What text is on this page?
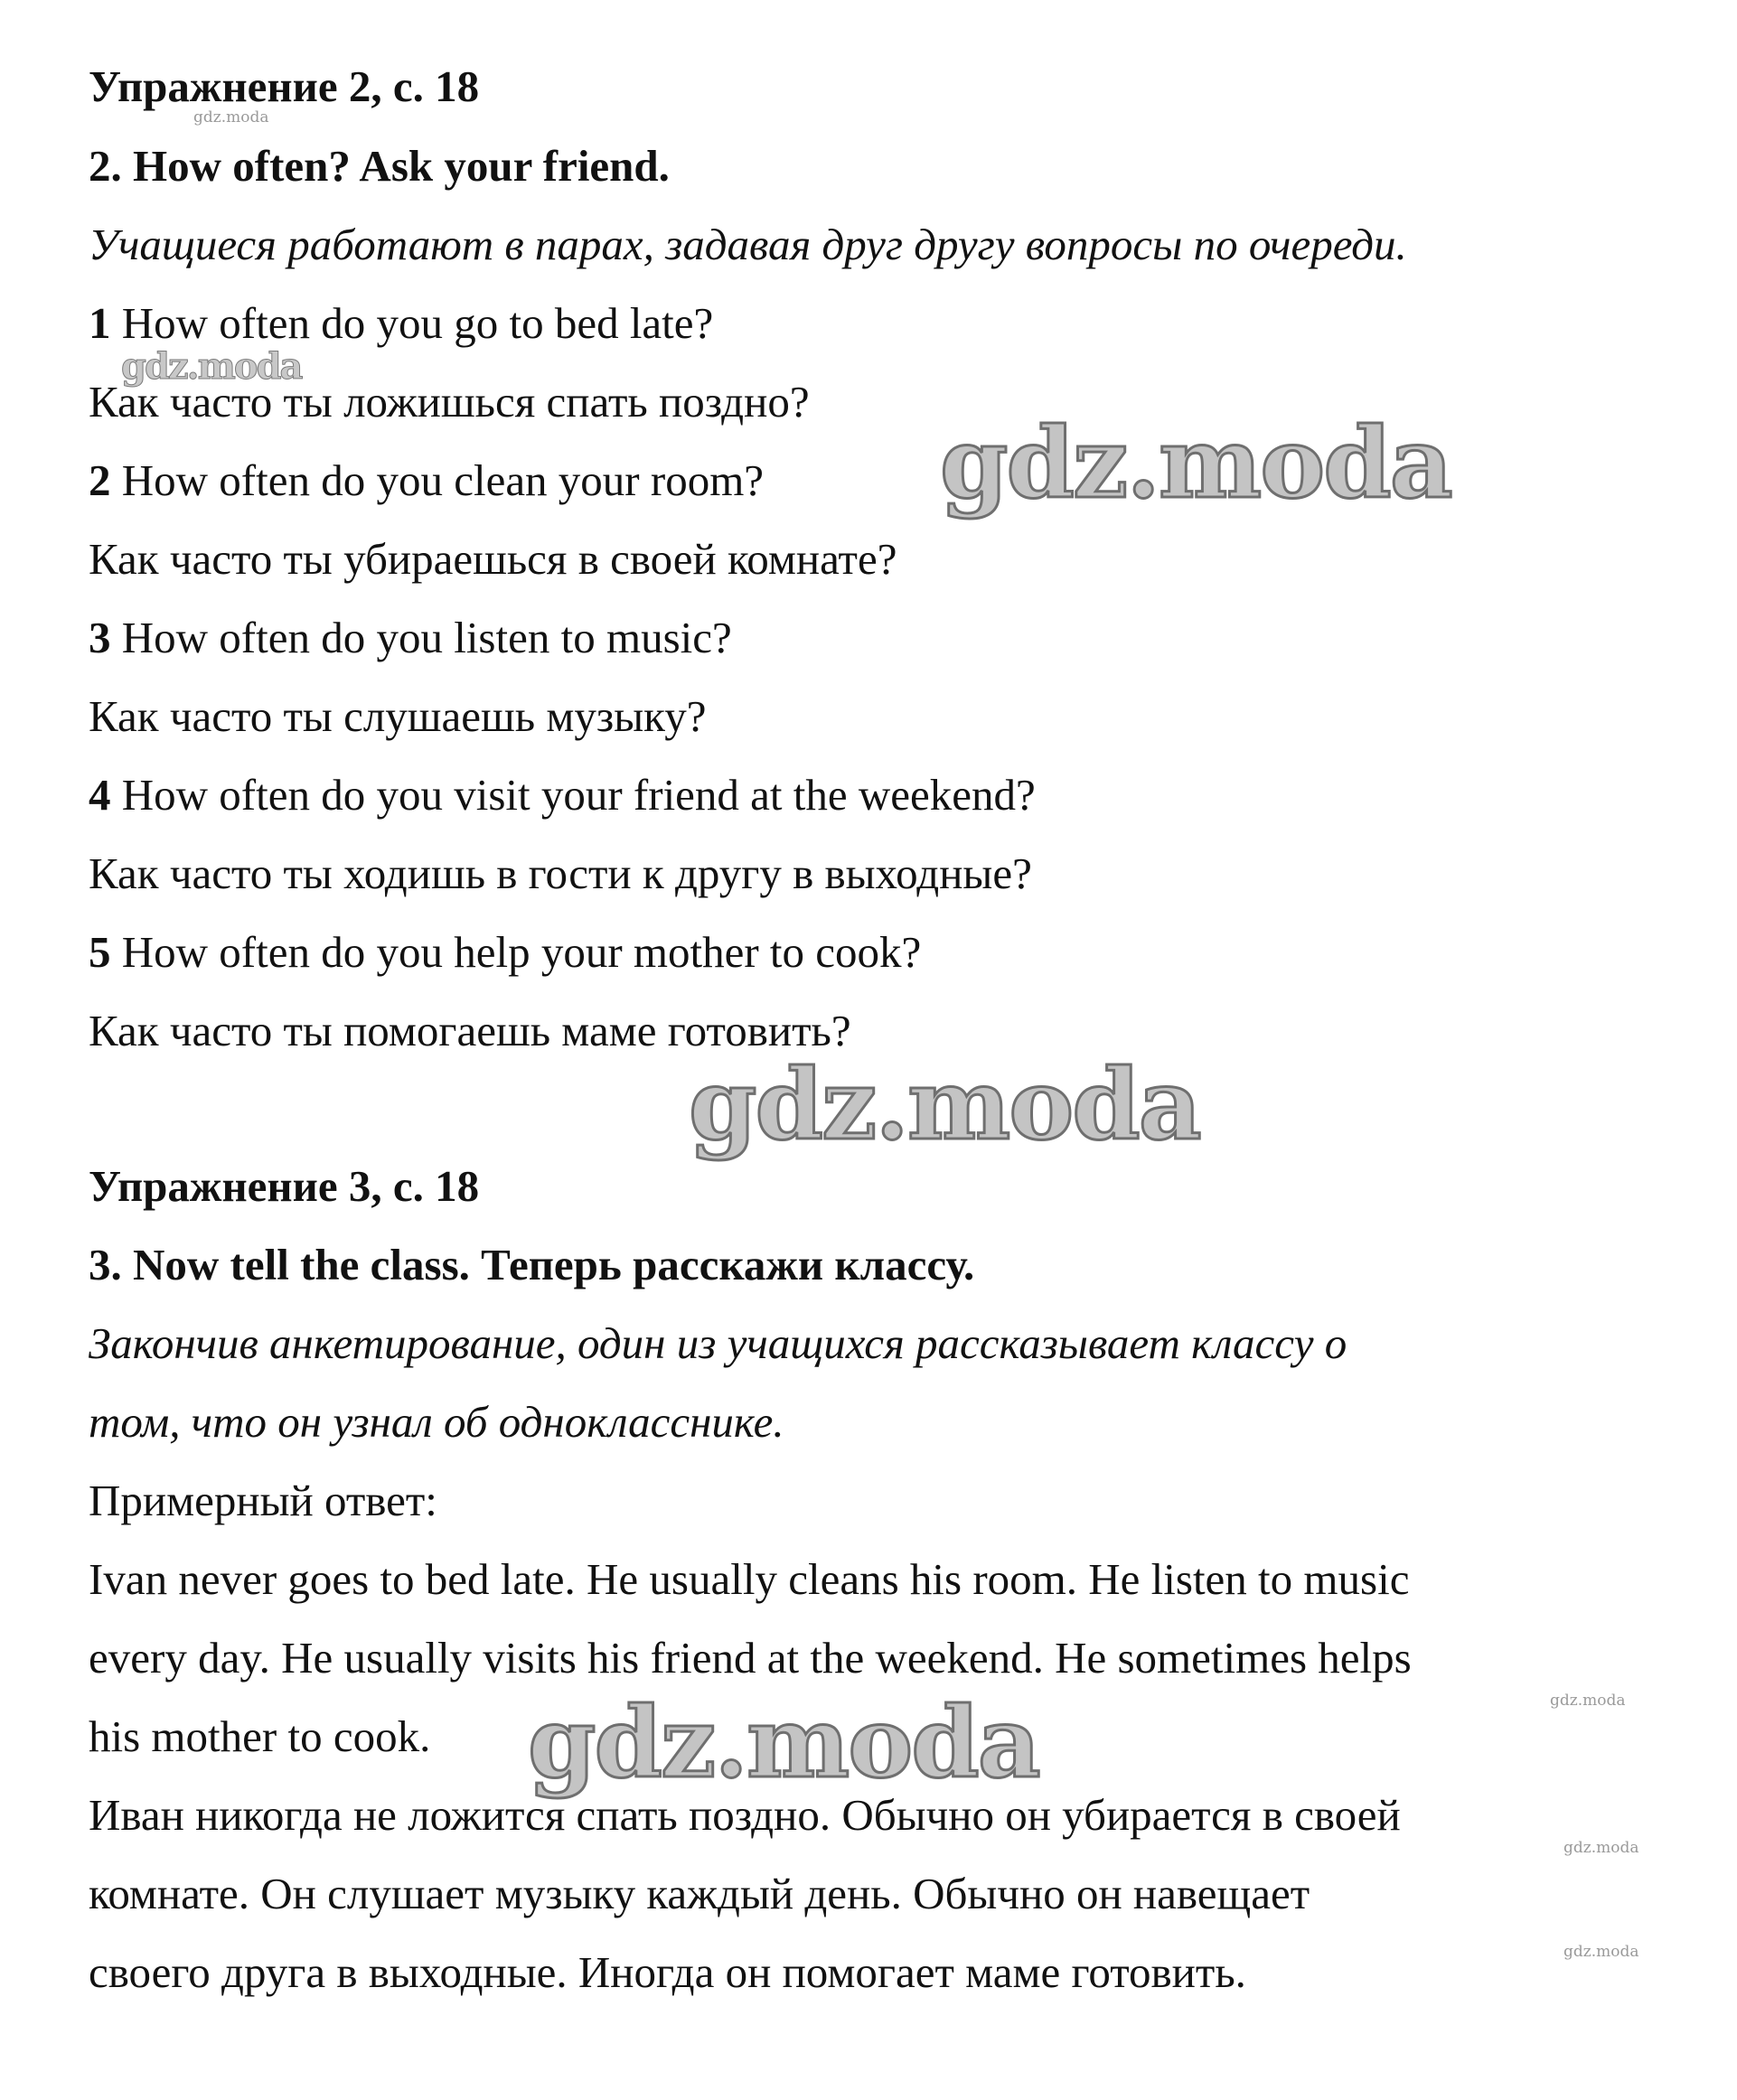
Упражнение 2, с. 18
2. How often? Ask your friend.
Учащиеся работают в парах, задавая друг другу вопросы по очереди.
1 How often do you go to bed late?
Как часто ты ложишься спать поздно?
2 How often do you clean your room?
Как часто ты убираешься в своей комнате?
3 How often do you listen to music?
Как часто ты слушаешь музыку?
4 How often do you visit your friend at the weekend?
Как часто ты ходишь в гости к другу в выходные?
5 How often do you help your mother to cook?
Как часто ты помогаешь маме готовить?
Упражнение 3, с. 18
3. Now tell the class. Теперь расскажи классу.
Закончив анкетирование, один из учащихся рассказывает классу о
том, что он узнал об однокласснике.
Примерный ответ:
Ivan never goes to bed late. He usually cleans his room. He listen to music
every day. He usually visits his friend at the weekend. He sometimes helps
his mother to cook.
Иван никогда не ложится спать поздно. Обычно он убирается в своей
комнате. Он слушает музыку каждый день. Обычно он навещает
своего друга в выходные. Иногда он помогает маме готовить.
gdz.moda
gdz.moda
gdz.moda
gdz.moda
gdz.moda	gdz.moda
gdz.moda
gdz.moda
